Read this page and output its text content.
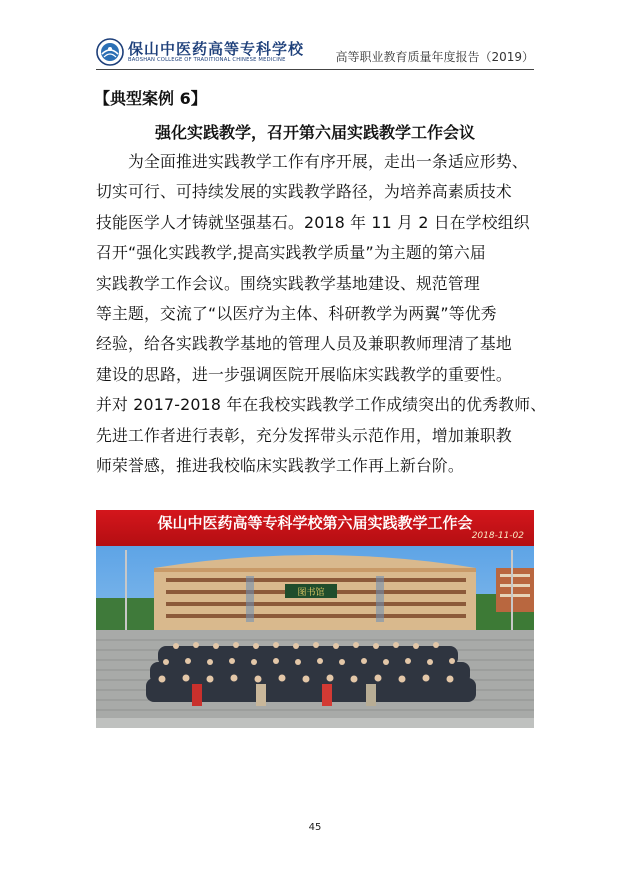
保山中医药高等专科学校
BAOSHAN COLLEGE OF TRADITIONAL CHINESE MEDICINE	高等职业教育质量年度报告（2019）
【典型案例 6】
强化实践教学，召开第六届实践教学工作会议
为全面推进实践教学工作有序开展，走出一条适应形势、
切实可行、可持续发展的实践教学路径，为培养高素质技术
技能医学人才铸就坚强基石。2018 年 11 月 2 日在学校组织
召开“强化实践教学,提高实践教学质量”为主题的第六届
实践教学工作会议。围绕实践教学基地建设、规范管理
等主题，交流了“以医疗为主体、科研教学为两翼”等优秀
经验，给各实践教学基地的管理人员及兼职教师理清了基地
建设的思路，进一步强调医院开展临床实践教学的重要性。
并对 2017-2018 年在我校实践教学工作成绩突出的优秀教师、
先进工作者进行表彰，充分发挥带头示范作用，增加兼职教
师荣誉感，推进我校临床实践教学工作再上新台阶。
保山中医药高等专科学校第六届实践教学工作会
2018-11-02
图书馆
45
